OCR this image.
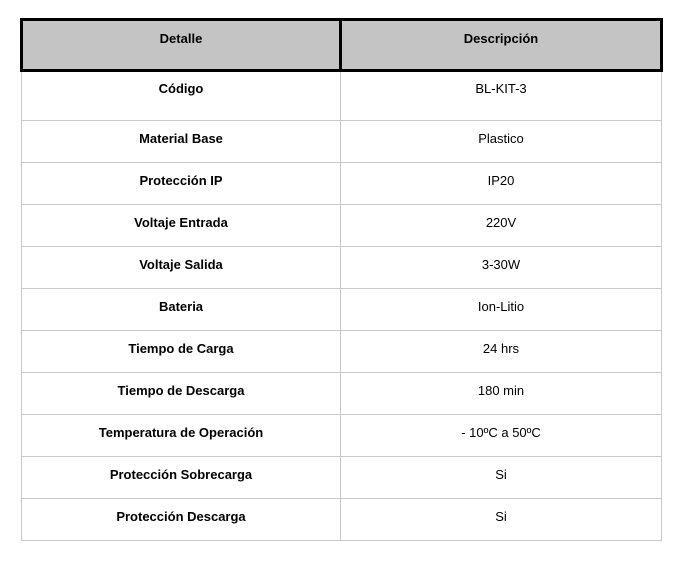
Detalle	Descripción
Código	BL-KIT-3
Material Base	Plastico
Protección IP	IP20
Voltaje Entrada	220V
Voltaje Salida	3-30W
Bateria	Ion-Litio
Tiempo de Carga	24 hrs
Tiempo de Descarga	180 min
Temperatura de Operación	- 10ºC a 50ºC
Protección Sobrecarga	Si
Protección Descarga	Si
